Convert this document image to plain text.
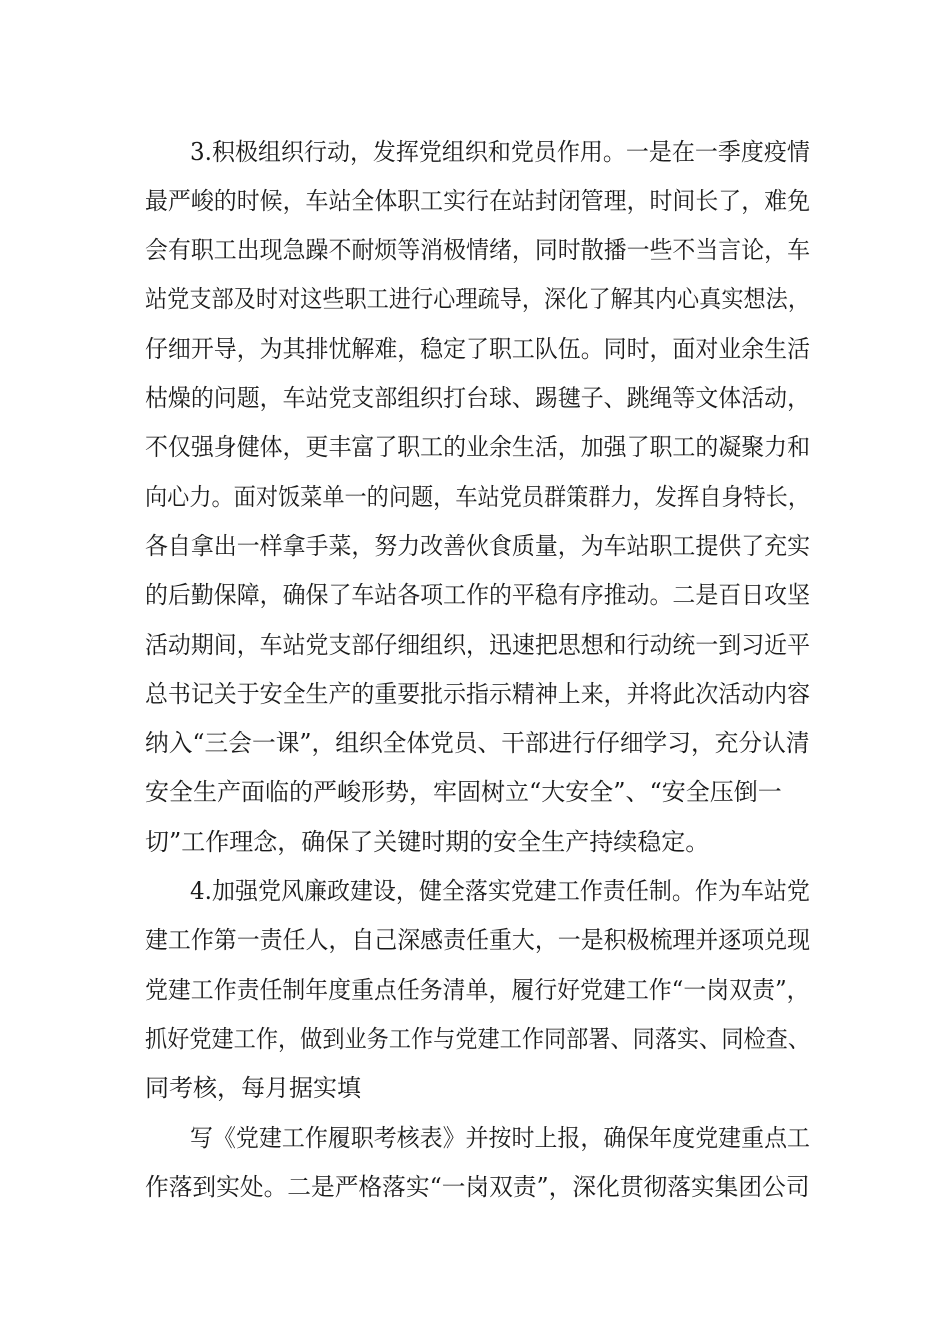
3.积极组织行动，发挥党组织和党员作用。一是在一季度疫情

最严峻的时候，车站全体职工实行在站封闭管理，时间长了，难免

会有职工出现急躁不耐烦等消极情绪，同时散播一些不当言论，车

站党支部及时对这些职工进行心理疏导，深化了解其内心真实想法，

仔细开导，为其排忧解难，稳定了职工队伍。同时，面对业余生活

枯燥的问题，车站党支部组织打台球、踢毽子、跳绳等文体活动，

不仅强身健体，更丰富了职工的业余生活，加强了职工的凝聚力和

向心力。面对饭菜单一的问题，车站党员群策群力，发挥自身特长，

各自拿出一样拿手菜，努力改善伙食质量，为车站职工提供了充实

的后勤保障，确保了车站各项工作的平稳有序推动。二是百日攻坚

活动期间，车站党支部仔细组织，迅速把思想和行动统一到习近平

总书记关于安全生产的重要批示指示精神上来，并将此次活动内容

纳入“三会一课”，组织全体党员、干部进行仔细学习，充分认清

安全生产面临的严峻形势，牢固树立“大安全”、“安全压倒一

切”工作理念，确保了关键时期的安全生产持续稳定。

4.加强党风廉政建设，健全落实党建工作责任制。作为车站党

建工作第一责任人，自己深感责任重大，一是积极梳理并逐项兑现

党建工作责任制年度重点任务清单，履行好党建工作“一岗双责”，

抓好党建工作，做到业务工作与党建工作同部署、同落实、同检查、

同考核，每月据实填

写《党建工作履职考核表》并按时上报，确保年度党建重点工

作落到实处。二是严格落实“一岗双责”，深化贯彻落实集团公司
